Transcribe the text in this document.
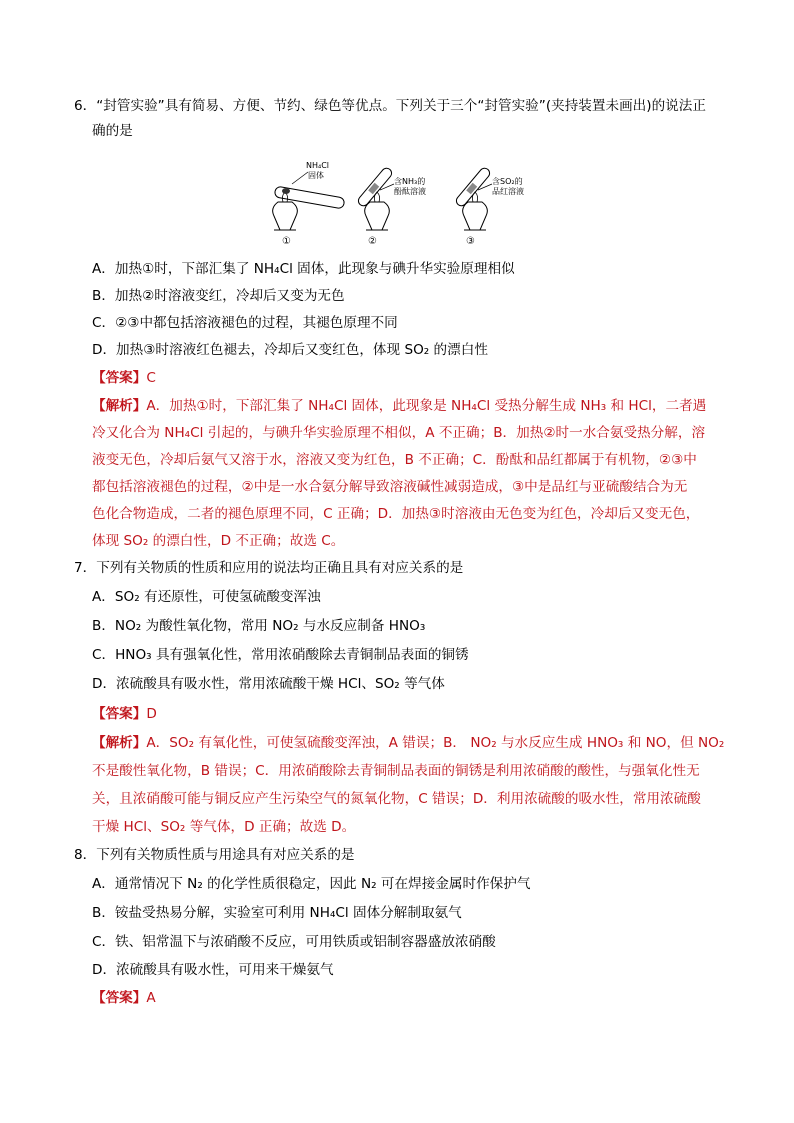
6．“封管实验”具有简易、方便、节约、绿色等优点。下列关于三个“封管实验”(夹持装置未画出)的说法正
确的是
NH₄Cl
固体
①
含NH₃的
酚酞溶液
②
含SO₂的
品红溶液
③
A．加热①时，下部汇集了 NH₄Cl 固体，此现象与碘升华实验原理相似
B．加热②时溶液变红，冷却后又变为无色
C．②③中都包括溶液褪色的过程，其褪色原理不同
D．加热③时溶液红色褪去，冷却后又变红色，体现 SO₂ 的漂白性
【答案】C
【解析】A．加热①时，下部汇集了 NH₄Cl 固体，此现象是 NH₄Cl 受热分解生成 NH₃ 和 HCl，二者遇
冷又化合为 NH₄Cl 引起的，与碘升华实验原理不相似，A 不正确；B．加热②时一水合氨受热分解，溶
液变无色，冷却后氨气又溶于水，溶液又变为红色，B 不正确；C．酚酞和品红都属于有机物，②③中
都包括溶液褪色的过程，②中是一水合氨分解导致溶液碱性减弱造成，③中是品红与亚硫酸结合为无
色化合物造成，二者的褪色原理不同，C 正确；D．加热③时溶液由无色变为红色，冷却后又变无色，
体现 SO₂ 的漂白性，D 不正确；故选 C。
7．下列有关物质的性质和应用的说法均正确且具有对应关系的是
A．SO₂ 有还原性，可使氢硫酸变浑浊
B．NO₂ 为酸性氧化物，常用 NO₂ 与水反应制备 HNO₃
C．HNO₃ 具有强氧化性，常用浓硝酸除去青铜制品表面的铜锈
D．浓硫酸具有吸水性，常用浓硫酸干燥 HCl、SO₂ 等气体
【答案】D
【解析】A．SO₂ 有氧化性，可使氢硫酸变浑浊，A 错误；B． NO₂ 与水反应生成 HNO₃ 和 NO，但 NO₂
不是酸性氧化物，B 错误；C．用浓硝酸除去青铜制品表面的铜锈是利用浓硝酸的酸性，与强氧化性无
关，且浓硝酸可能与铜反应产生污染空气的氮氧化物，C 错误；D．利用浓硫酸的吸水性，常用浓硫酸
干燥 HCl、SO₂ 等气体，D 正确；故选 D。
8．下列有关物质性质与用途具有对应关系的是
A．通常情况下 N₂ 的化学性质很稳定，因此 N₂ 可在焊接金属时作保护气
B．铵盐受热易分解，实验室可利用 NH₄Cl 固体分解制取氨气
C．铁、铝常温下与浓硝酸不反应，可用铁质或铝制容器盛放浓硝酸
D．浓硫酸具有吸水性，可用来干燥氨气
【答案】A
